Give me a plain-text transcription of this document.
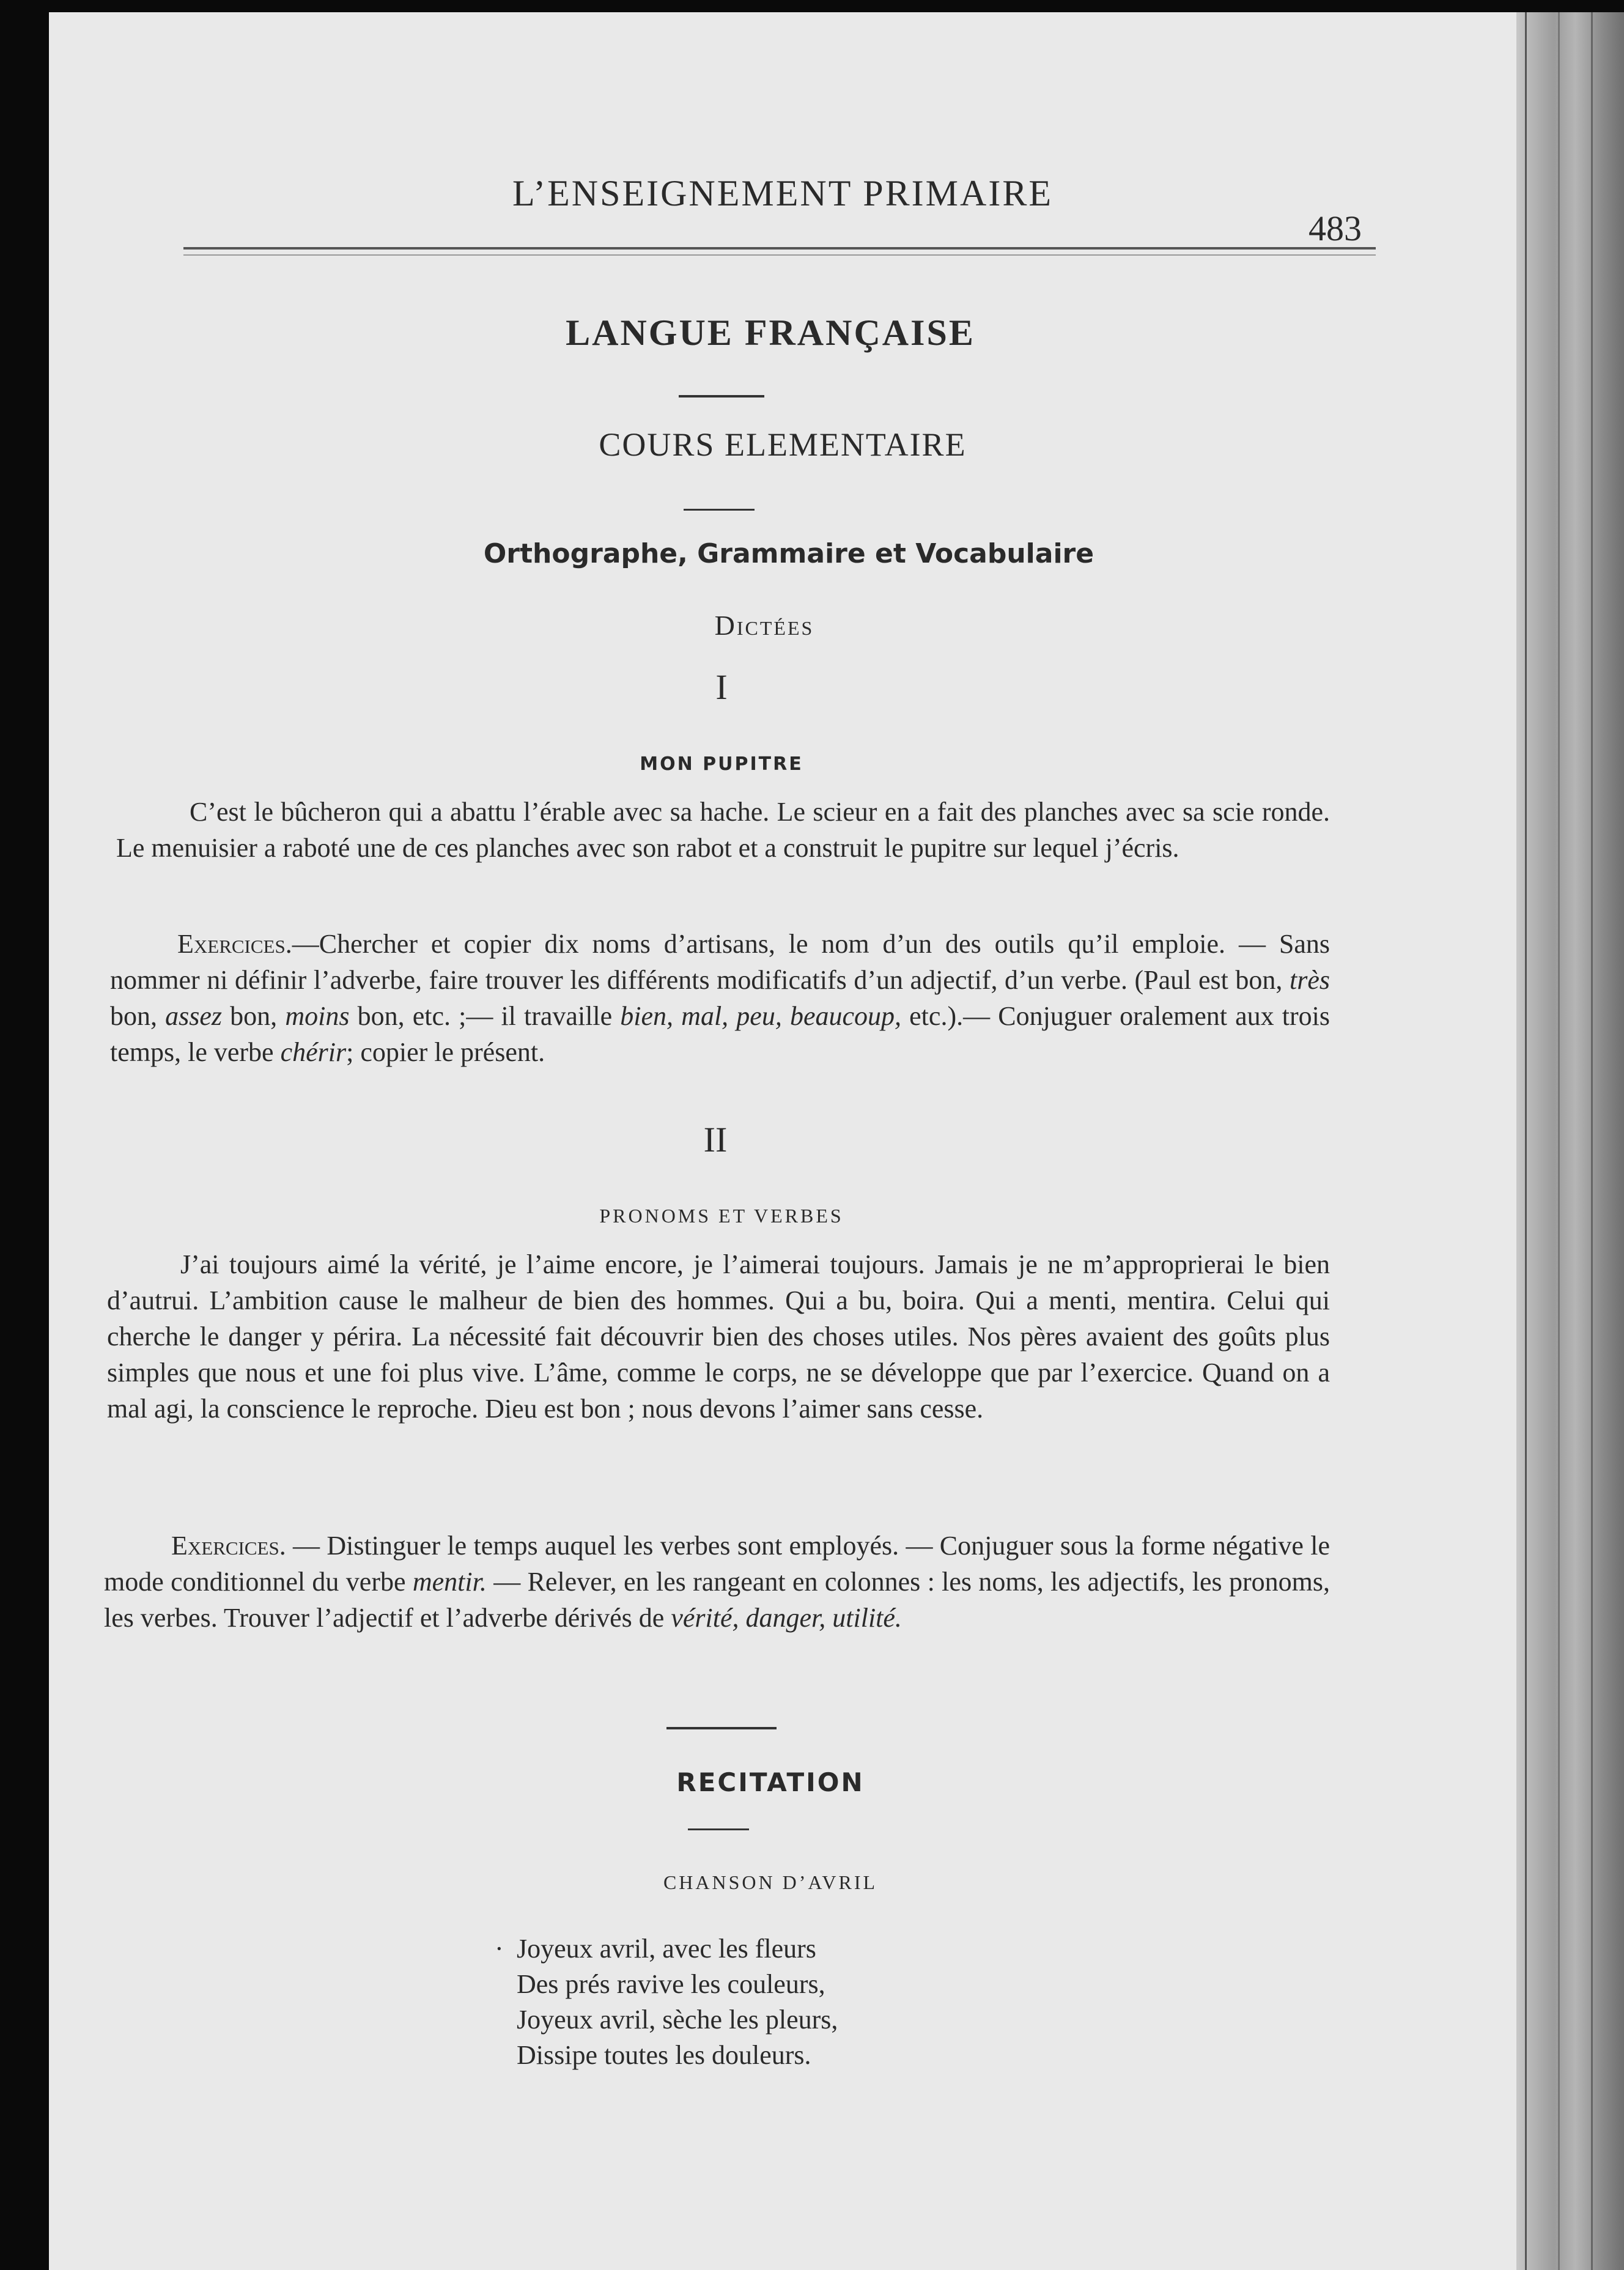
L’ENSEIGNEMENT PRIMAIRE

483

LANGUE FRANÇAISE

COURS ELEMENTAIRE

Orthographe, Grammaire et Vocabulaire

Dictées

I

MON PUPITRE

C’est le bûcheron qui a abattu l’érable avec sa hache. Le scieur en a fait des planches avec sa scie ronde. Le menuisier a raboté une de ces planches avec son rabot et a construit le pupitre sur lequel j’écris.

Exercices.—Chercher et copier dix noms d’artisans, le nom d’un des outils qu’il emploie. — Sans nommer ni définir l’adverbe, faire trouver les différents modificatifs d’un adjectif, d’un verbe. (Paul est bon, très bon, assez bon, moins bon, etc. ;— il travaille bien, mal, peu, beaucoup, etc.).— Conjuguer oralement aux trois temps, le verbe chérir; copier le présent.

II

PRONOMS ET VERBES

J’ai toujours aimé la vérité, je l’aime encore, je l’aimerai toujours. Jamais je ne m’approprierai le bien d’autrui. L’ambition cause le malheur de bien des hommes. Qui a bu, boira. Qui a menti, mentira. Celui qui cherche le danger y périra. La nécessité fait découvrir bien des choses utiles. Nos pères avaient des goûts plus simples que nous et une foi plus vive. L’âme, comme le corps, ne se développe que par l’exercice. Quand on a mal agi, la conscience le reproche. Dieu est bon ; nous devons l’aimer sans cesse.

Exercices. — Distinguer le temps auquel les verbes sont employés. — Conjuguer sous la forme négative le mode conditionnel du verbe mentir. — Relever, en les rangeant en colonnes : les noms, les adjectifs, les pronoms, les verbes. Trouver l’adjectif et l’adverbe dérivés de vérité, danger, utilité.

RECITATION

CHANSON D’AVRIL

· Joyeux avril, avec les fleurs
Des prés ravive les couleurs,
Joyeux avril, sèche les pleurs,
Dissipe toutes les douleurs.
